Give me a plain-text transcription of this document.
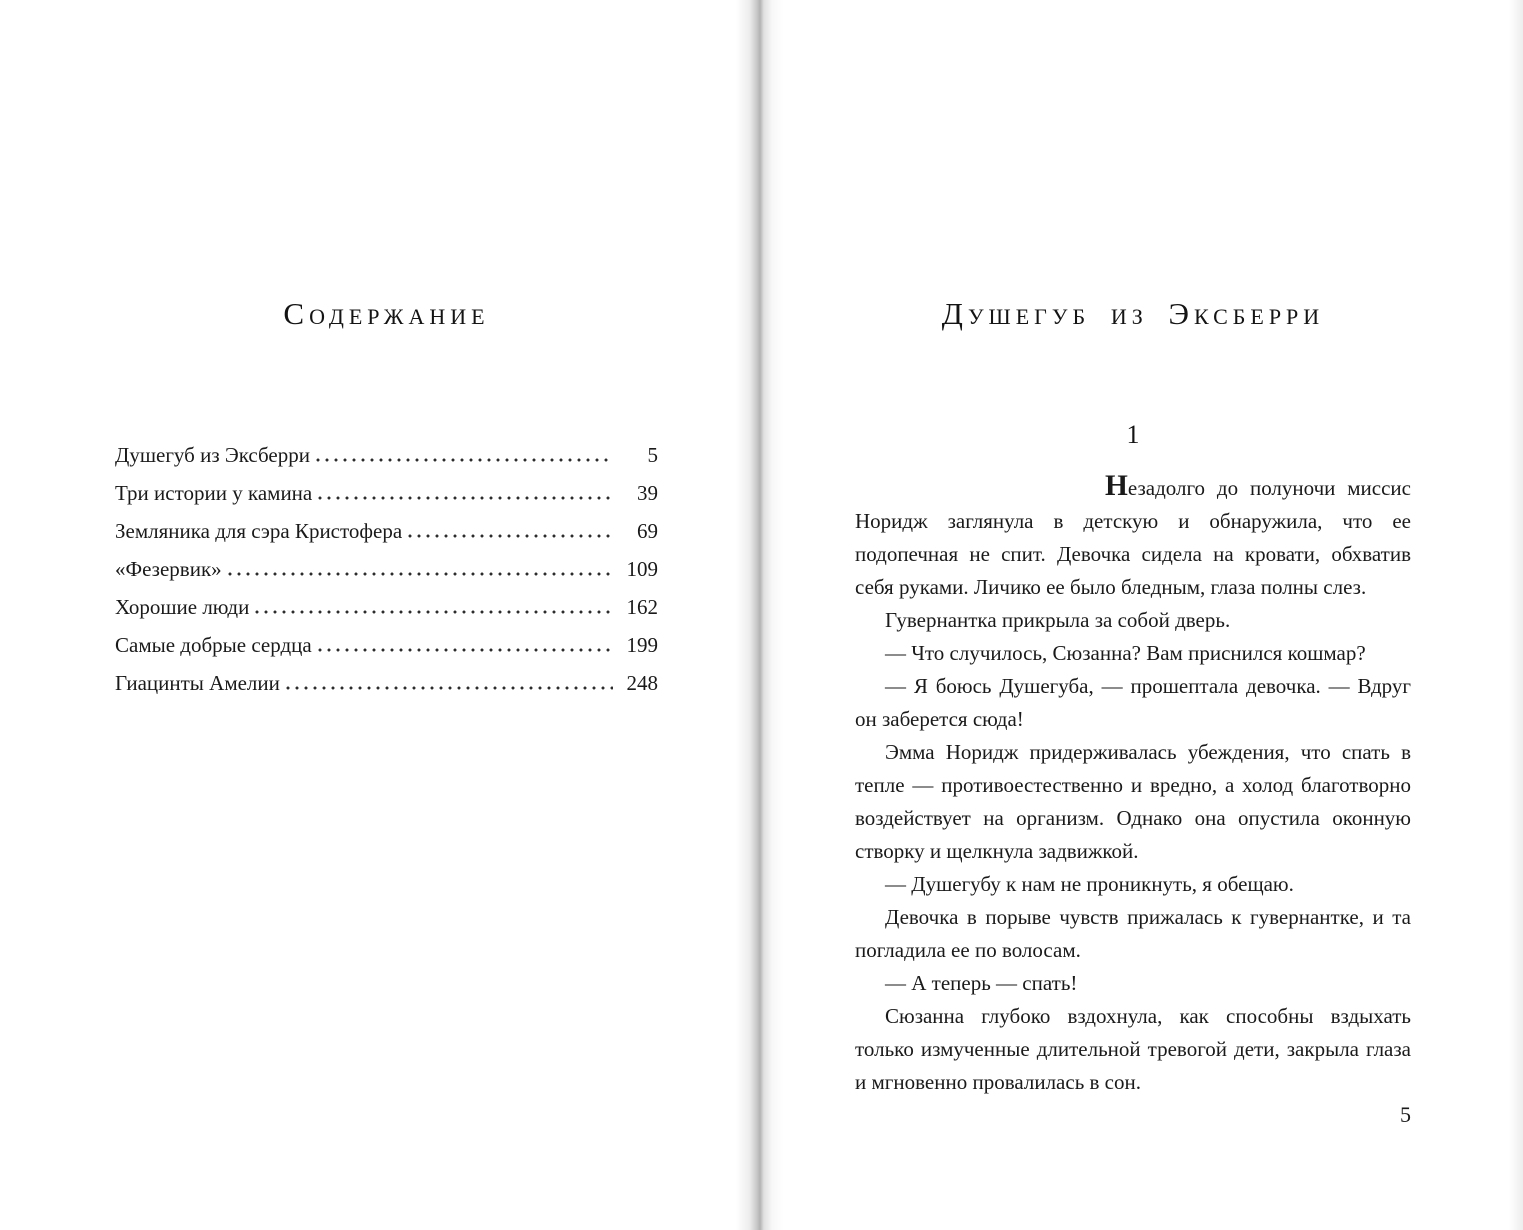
Содержание
Душегуб из Эксберри	5
Три истории у камина	39
Земляника для сэра Кристофера	69
«Фезервик»	109
Хорошие люди	162
Самые добрые сердца	199
Гиацинты Амелии	248
Душегуб из Эксберри
1

Незадолго до полуночи миссис Норидж заглянула в детскую и обнаружила, что ее подопечная не спит. Девочка сидела на кровати, обхватив себя руками. Личико ее было бледным, глаза полны слез.

Гувернантка прикрыла за собой дверь.

— Что случилось, Сюзанна? Вам приснился кошмар?

— Я боюсь Душегуба, — прошептала девочка. — Вдруг он заберется сюда!

Эмма Норидж придерживалась убеждения, что спать в тепле — противоестественно и вредно, а холод благотворно воздействует на организм. Однако она опустила оконную створку и щелкнула задвижкой.

— Душегубу к нам не проникнуть, я обещаю.

Девочка в порыве чувств прижалась к гувернантке, и та погладила ее по волосам.

— А теперь — спать!

Сюзанна глубоко вздохнула, как способны вздыхать только измученные длительной тревогой дети, закрыла глаза и мгновенно провалилась в сон.

5
